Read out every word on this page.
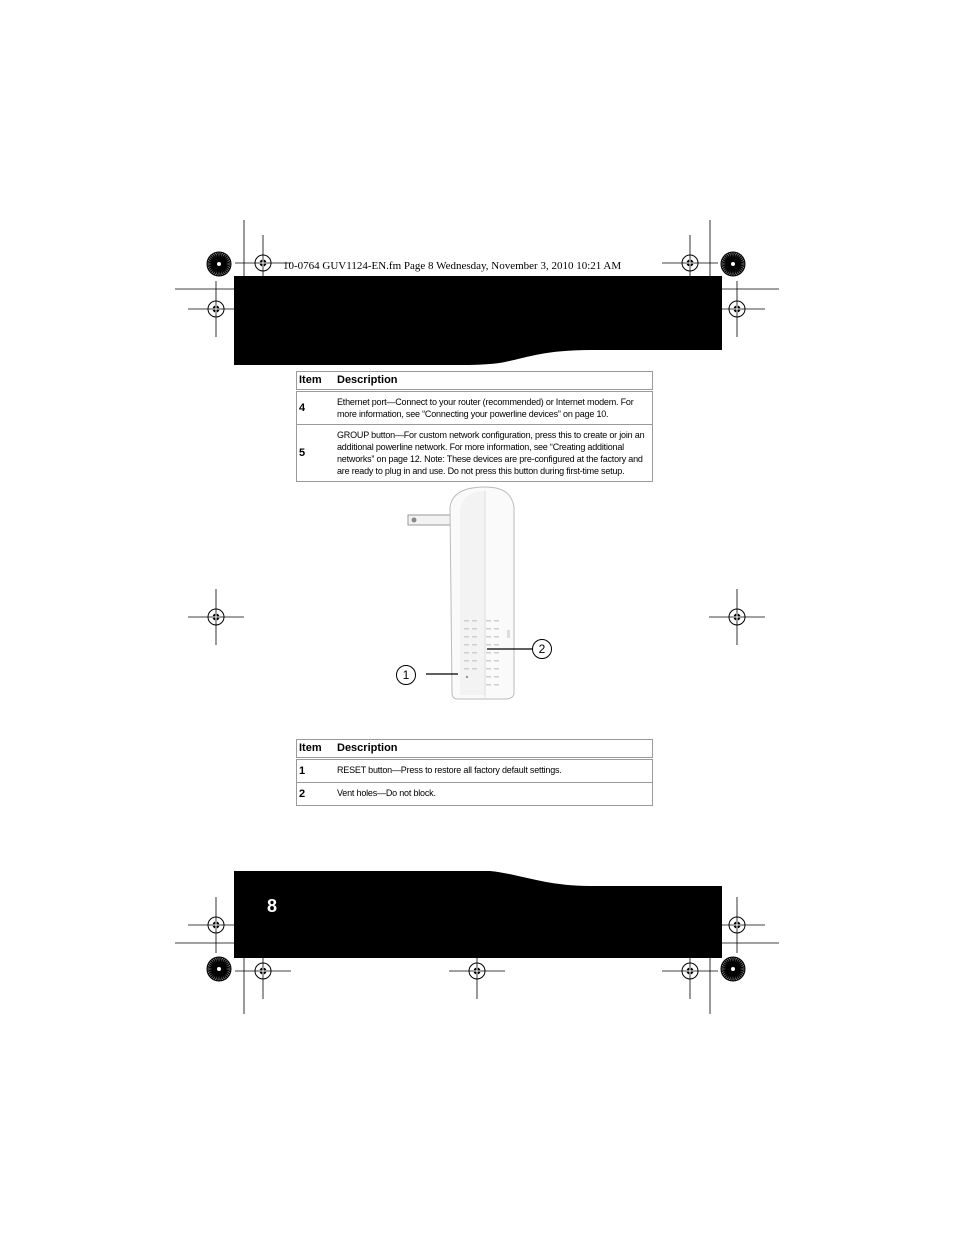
10-0764 GUV1124-EN.fm Page 8 Wednesday, November 3, 2010 10:21 AM
Item	Description
4	Ethernet port—Connect to your router (recommended) or Internet modem. For more information, see “Connecting your powerline devices” on page 10.
5	GROUP button—For custom network configuration, press this to create or join an additional powerline network. For more information, see “Creating additional networks” on page 12. Note: These devices are pre-configured at the factory and are ready to plug in and use. Do not press this button during first-time setup.
1
2
Item	Description
1	RESET button—Press to restore all factory default settings.
2	Vent holes—Do not block.
8
